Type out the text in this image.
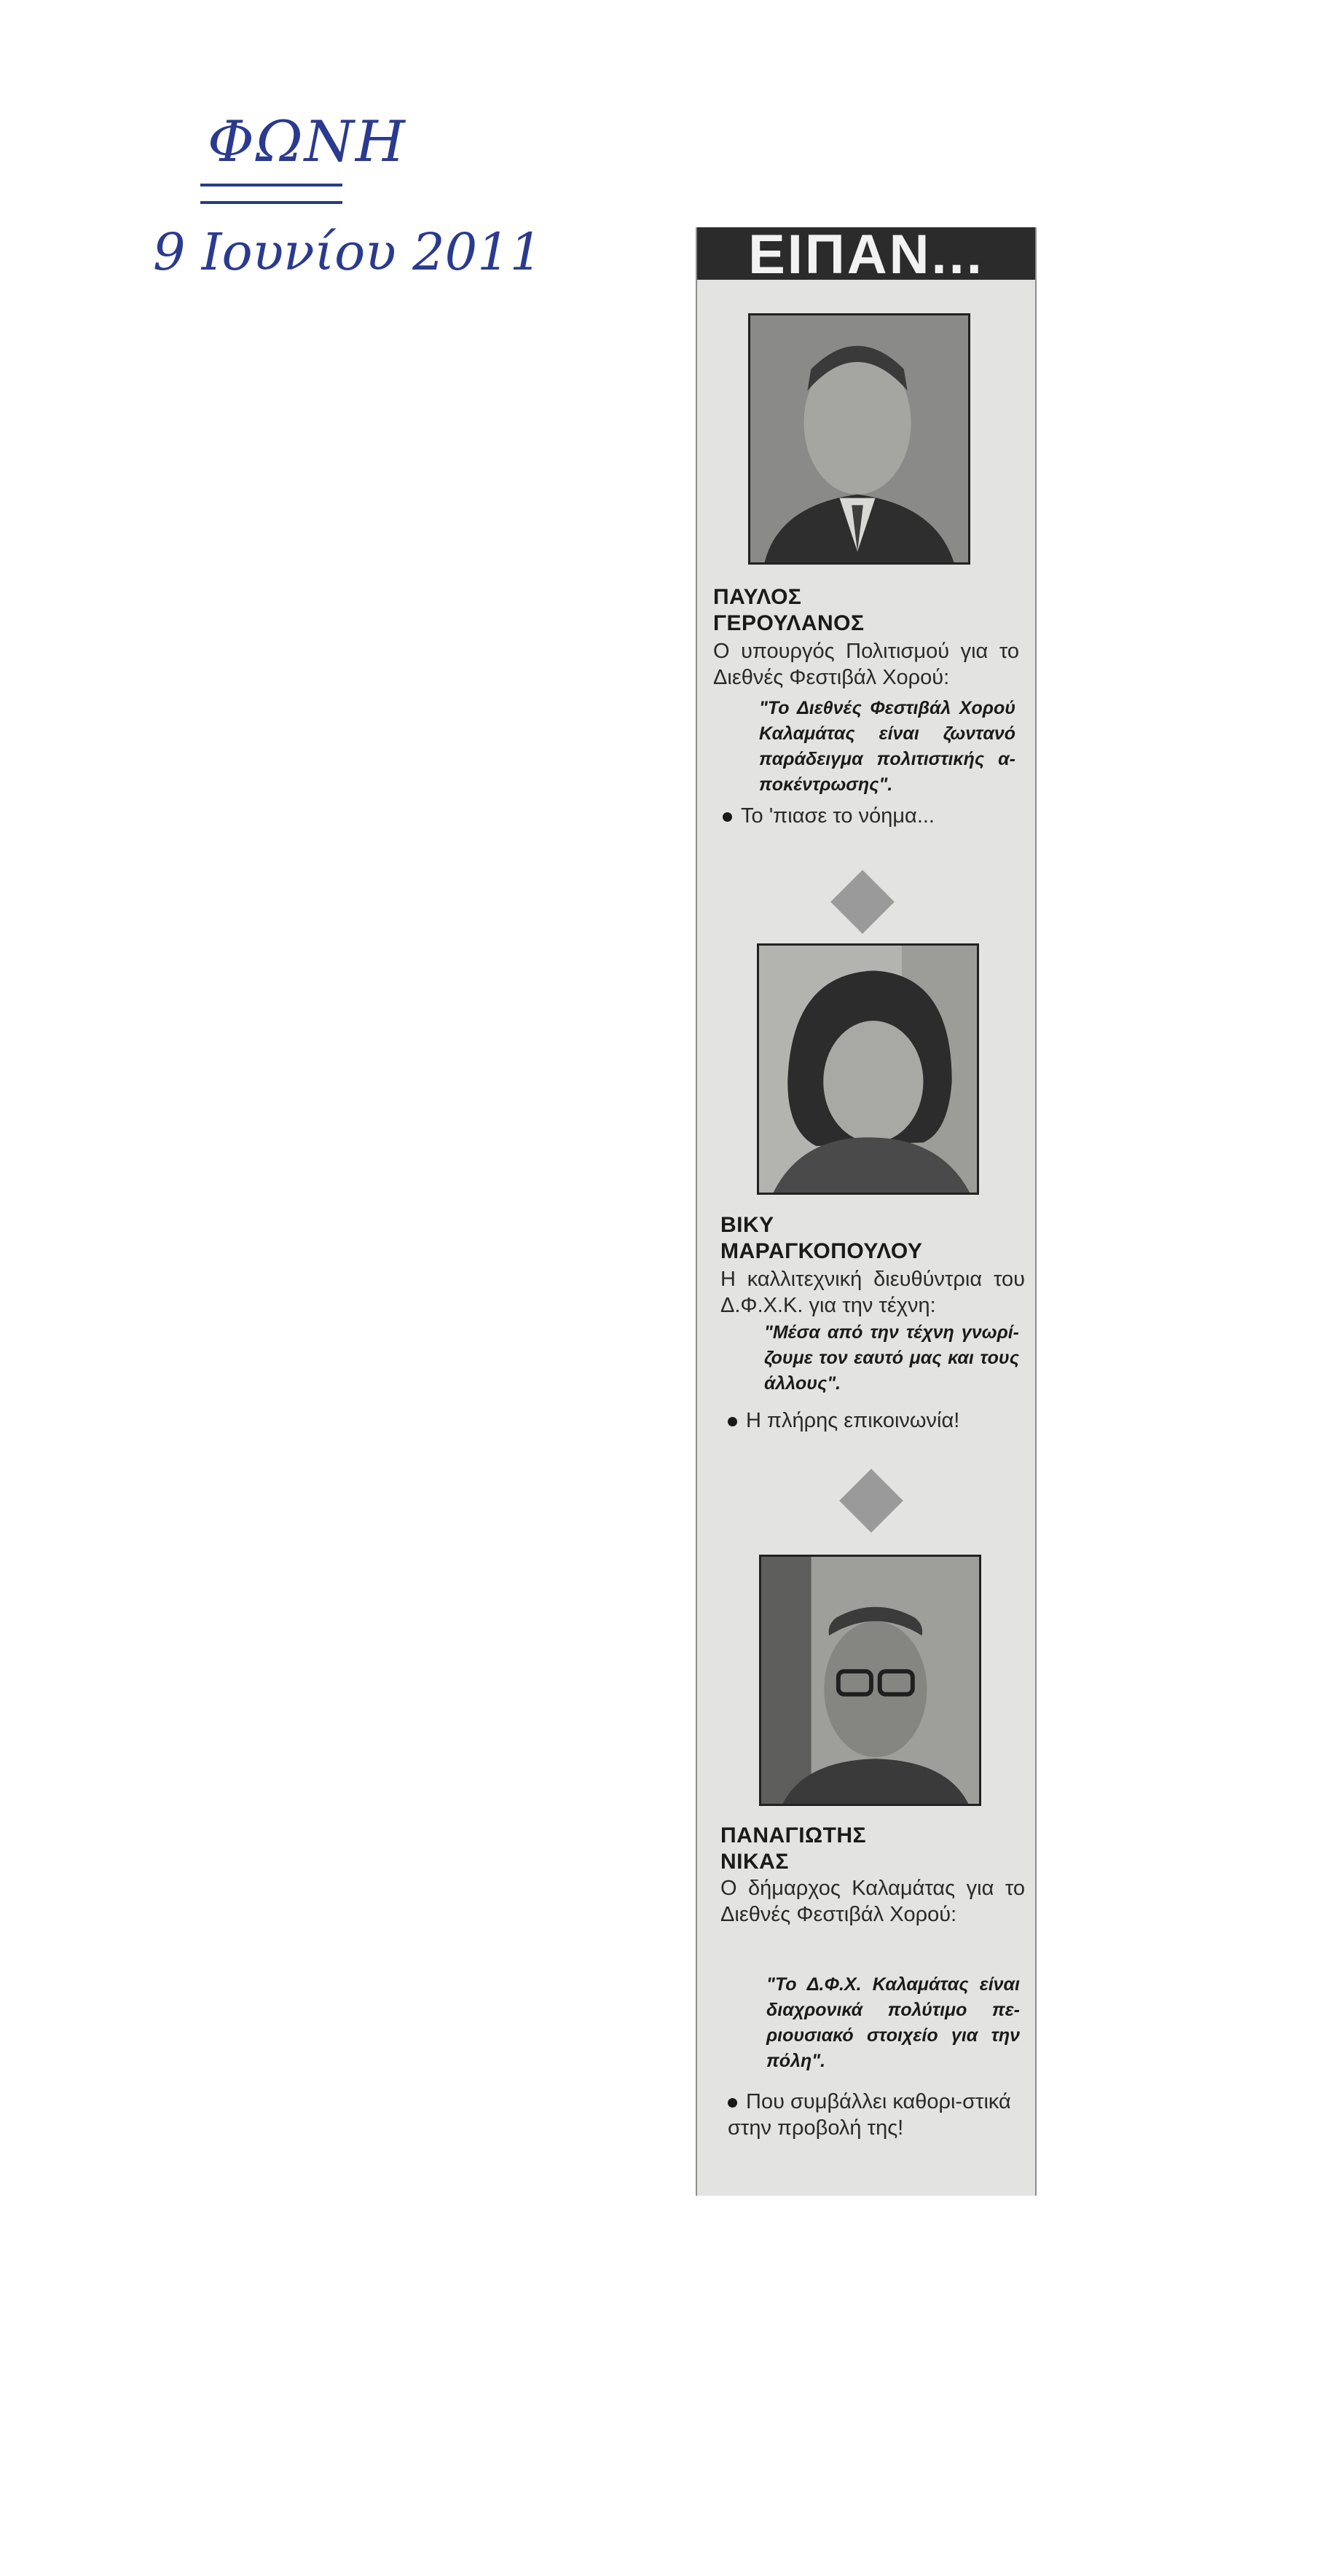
ΦΩΝΗ
9 Ιουνίου 2011	ΕΙΠΑΝ...
ΠΑΥΛΟΣ
ΓΕΡΟΥΛΑΝΟΣ
Ο υπουργός Πολιτισμού για το Διεθνές Φεστιβάλ Χορού:
"Το Διεθνές Φεστιβάλ Χορού Καλαμάτας είναι ζωντανό παράδειγμα πολιτιστικής α-ποκέντρωσης".
Το 'πιασε το νόημα...
ΒΙΚΥ
ΜΑΡΑΓΚΟΠΟΥΛΟΥ
Η καλλιτεχνική διευθύντρια του Δ.Φ.Χ.Κ. για την τέχνη:
"Μέσα από την τέχνη γνωρί-ζουμε τον εαυτό μας και τους άλλους".
Η πλήρης επικοινωνία!
ΠΑΝΑΓΙΩΤΗΣ
ΝΙΚΑΣ
Ο δήμαρχος Καλαμάτας για το Διεθνές Φεστιβάλ Χορού:
"Το Δ.Φ.Χ. Καλαμάτας είναι διαχρονικά πολύτιμο πε-ριουσιακό στοιχείο για την πόλη".
Που συμβάλλει καθορι-στικά στην προβολή της!
